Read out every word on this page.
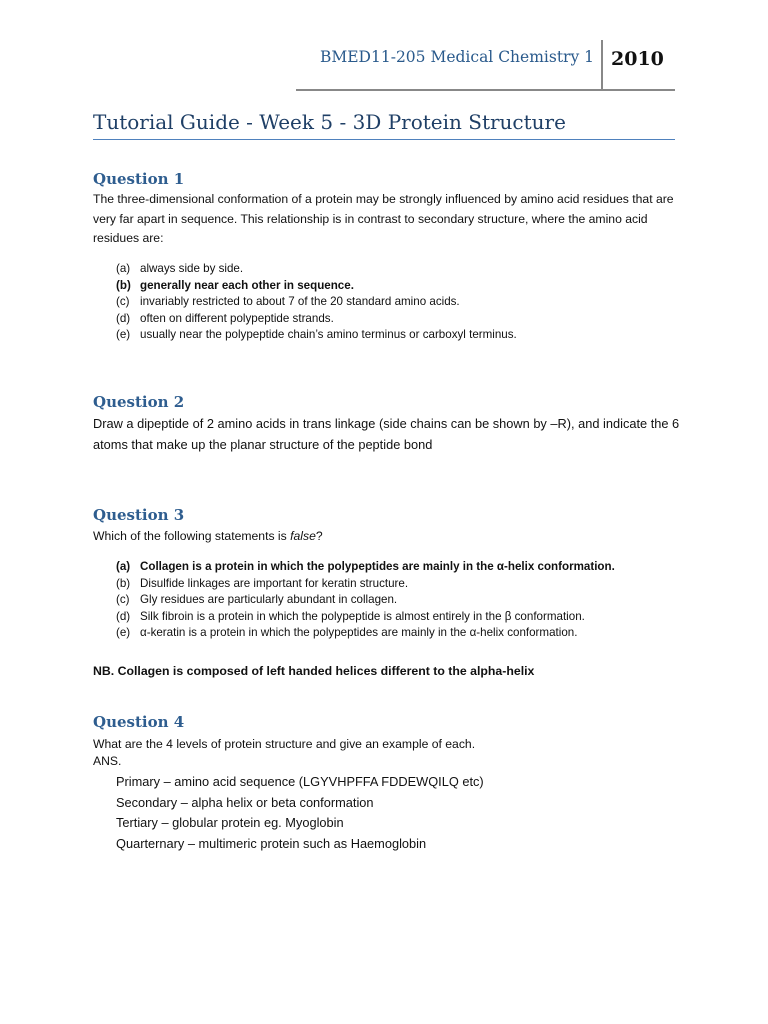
BMED11-205 Medical Chemistry 1 2010
Tutorial Guide - Week 5 - 3D Protein Structure
Question 1
The three-dimensional conformation of a protein may be strongly influenced by amino acid residues that are very far apart in sequence. This relationship is in contrast to secondary structure, where the amino acid residues are:
(a) always side by side.
(b) generally near each other in sequence.
(c) invariably restricted to about 7 of the 20 standard amino acids.
(d) often on different polypeptide strands.
(e) usually near the polypeptide chain’s amino terminus or carboxyl terminus.
Question 2
Draw a dipeptide of 2 amino acids in trans linkage (side chains can be shown by –R), and indicate the 6 atoms that make up the planar structure of the peptide bond
Question 3
Which of the following statements is false?
(a) Collagen is a protein in which the polypeptides are mainly in the α-helix conformation.
(b) Disulfide linkages are important for keratin structure.
(c) Gly residues are particularly abundant in collagen.
(d) Silk fibroin is a protein in which the polypeptide is almost entirely in the β conformation.
(e) α-keratin is a protein in which the polypeptides are mainly in the α-helix conformation.
NB. Collagen is composed of left handed helices different to the alpha-helix
Question 4
What are the 4 levels of protein structure and give an example of each.
ANS.
Primary – amino acid sequence (LGYVHPFFA FDDEWQILQ etc)
Secondary – alpha helix or beta conformation
Tertiary – globular protein eg. Myoglobin
Quarternary – multimeric protein such as Haemoglobin
